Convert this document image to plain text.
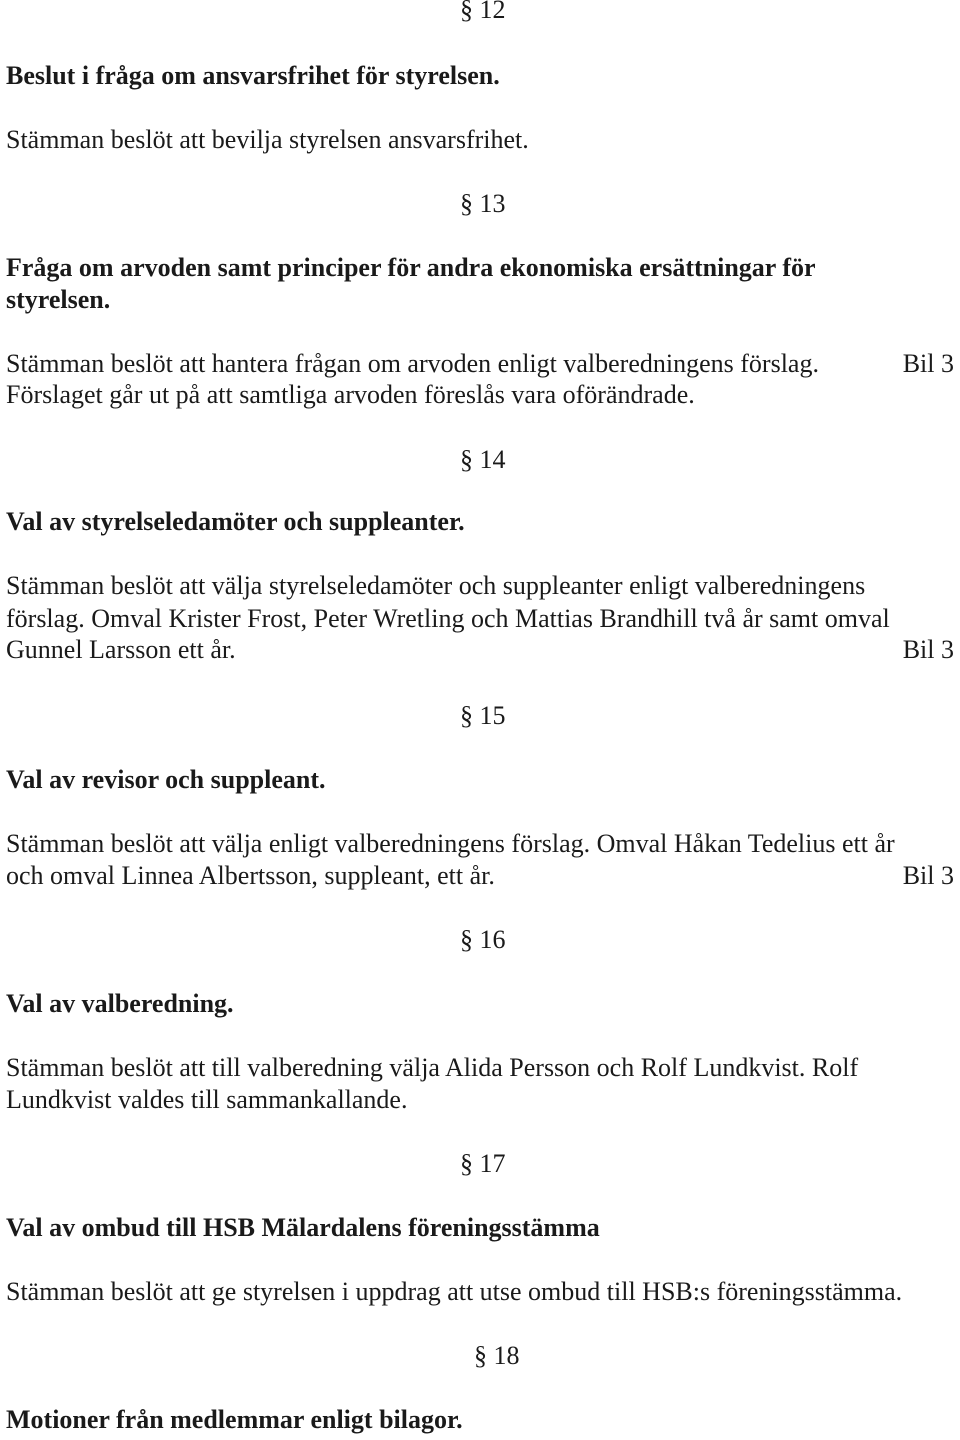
§ 12
Beslut i fråga om ansvarsfrihet för styrelsen.
Stämman beslöt att bevilja styrelsen ansvarsfrihet.
§ 13
Fråga om arvoden samt principer för andra ekonomiska ersättningar för
styrelsen.
Stämman beslöt att hantera frågan om arvoden enligt valberedningens förslag.	Bil 3
Förslaget går ut på att samtliga arvoden föreslås vara oförändrade.
§ 14
Val av styrelseledamöter och suppleanter.
Stämman beslöt att välja styrelseledamöter och suppleanter enligt valberedningens
förslag. Omval Krister Frost, Peter Wretling och Mattias Brandhill två år samt omval
Gunnel Larsson ett år.	Bil 3
§ 15
Val av revisor och suppleant.
Stämman beslöt att välja enligt valberedningens förslag. Omval Håkan Tedelius ett år
och omval Linnea Albertsson, suppleant, ett år.	Bil 3
§ 16
Val av valberedning.
Stämman beslöt att till valberedning välja Alida Persson och Rolf Lundkvist. Rolf
Lundkvist valdes till sammankallande.
§ 17
Val av ombud till HSB Mälardalens föreningsstämma
Stämman beslöt att ge styrelsen i uppdrag att utse ombud till HSB:s föreningsstämma.
§ 18
Motioner från medlemmar enligt bilagor.
